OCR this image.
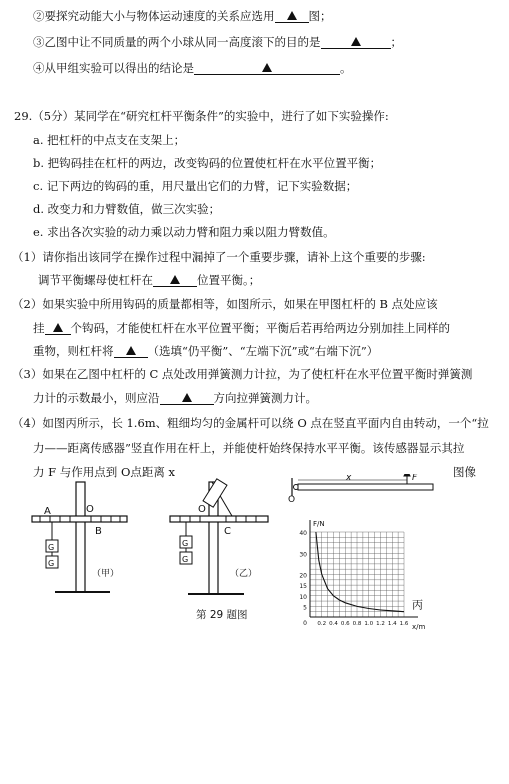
②要探究动能大小与物体运动速度的关系应选用	图；
③乙图中让不同质量的两个小球从同一高度滚下的目的是	；
④从甲组实验可以得出的结论是	。
29.（5分）某同学在“研究杠杆平衡条件”的实验中，进行了如下实验操作:
a. 把杠杆的中点支在支架上；
b. 把钩码挂在杠杆的两边，改变钩码的位置使杠杆在水平位置平衡；
c. 记下两边的钩码的重，用尺量出它们的力臂，记下实验数据；
d. 改变力和力臂数值，做三次实验；
e. 求出各次实验的动力乘以动力臂和阻力乘以阻力臂数值。
（1）请你指出该同学在操作过程中漏掉了一个重要步骤，请补上这个重要的步骤:
调节平衡螺母使杠杆在	位置平衡。；
（2）如果实验中所用钩码的质量都相等，如图所示，如果在甲图杠杆的 B 点处应该
挂 个钩码，才能使杠杆在水平位置平衡；平衡后若再给两边分别加挂上同样的
重物，则杠杆将	（选填“仍平衡”、“左端下沉”或“右端下沉”）
（3）如果在乙图中杠杆的 C 点处改用弹簧测力计拉，为了使杠杆在水平位置平衡时弹簧测
力计的示数最小，则应沿	方向拉弹簧测力计。
（4）如图丙所示，长 1.6m、粗细均匀的金属杆可以绕 O 点在竖直平面内自由转动，一个“拉
力——距离传感器”竖直作用在杆上，并能使杆始终保持水平平衡。该传感器显示其拉
力 F 与作用点到 O点距离 x	图像
A	O
B
G
G
（甲）
O
C
G
G
（乙）
第 29 题图
O
x	F
40
30
20
15
10
5
0.2 0.4 0.6 0.8 1.0 1.2 1.4 1.6
0
F/N
x/m
丙
